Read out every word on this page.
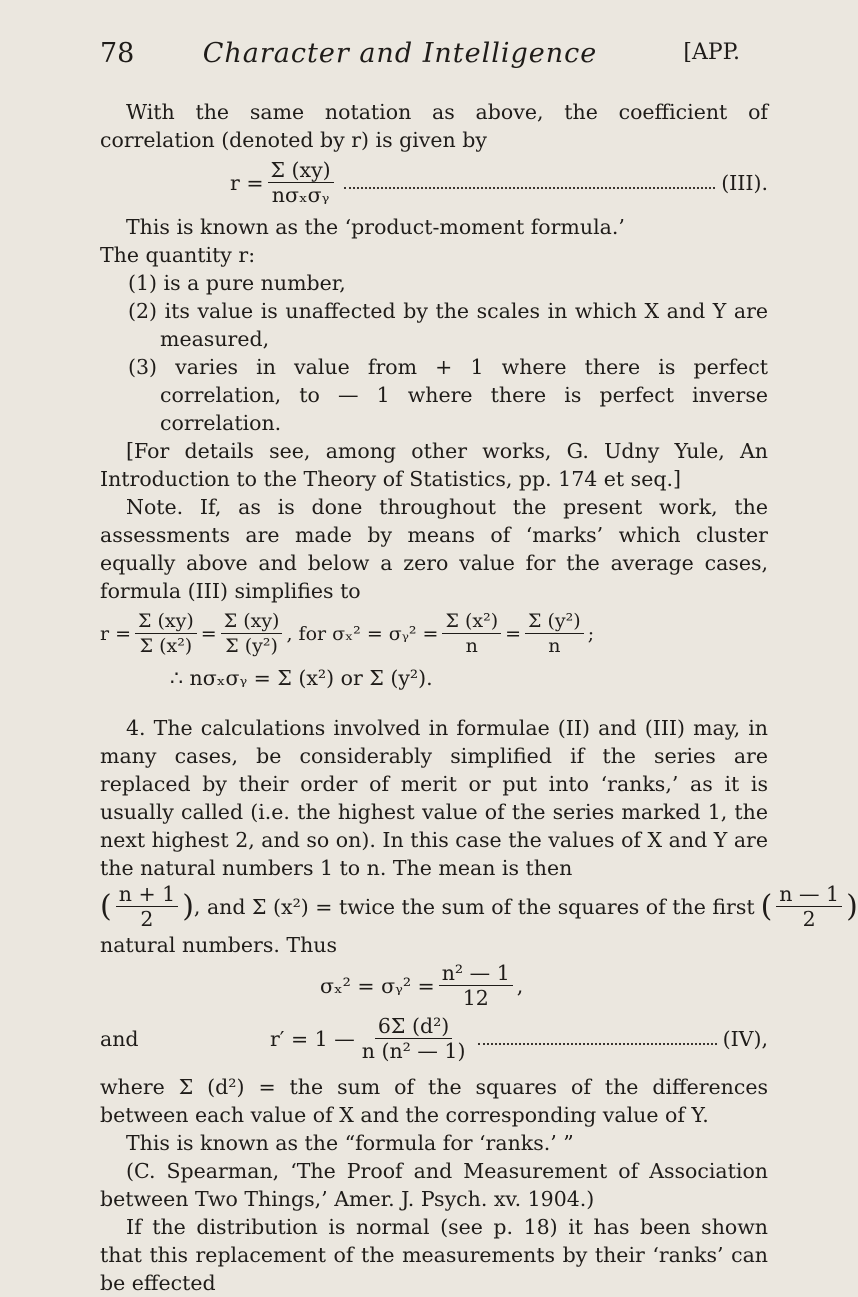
78	Character and Intelligence	[APP.

With the same notation as above, the coefficient of correlation (denoted by r) is given by

$r = \frac{\Sigma (xy)}{\text{nσₓσᵧ}}$	(III).

This is known as the ‘product-moment formula.’

The quantity r:

(1) is a pure number,

(2) its value is unaffected by the scales in which X and Y are measured,

(3) varies in value from + 1 where there is perfect correlation, to — 1 where there is perfect inverse correlation.

[For details see, among other works, G. Udny Yule, An Introduction to the Theory of Statistics, pp. 174 et seq.]

Note. If, as is done throughout the present work, the assessments are made by means of ‘marks’ which cluster equally above and below a zero value for the average cases, formula (III) simplifies to

$r = \frac{\Sigma (xy)}{\text{Σ (x²)}} = \frac{\Sigma (xy)}{\text{Σ (y²)}}$ , for σₓ² = σᵧ² = $\frac{\text{Σ (x²)}}{n} = \frac{\text{Σ (y²)}}{n}$ ;

∴ nσₓσᵧ = Σ (x²) or Σ (y²).

4. The calculations involved in formulae (II) and (III) may, in many cases, be considerably simplified if the series are replaced by their order of merit or put into ‘ranks,’ as it is usually called (i.e. the highest value of the series marked 1, the next highest 2, and so on). In this case the values of X and Y are the natural numbers 1 to n. The mean is then

( $\frac{n + 1}{2}$ ) , and Σ (x²) = twice the sum of the squares of the first ( $\frac{n — 1}{2}$ )

natural numbers. Thus

σₓ² = σᵧ² = $\frac{\text{n² — 1}}{12}$ ,
and	r′ = 1 — $\frac{\text{6Σ (d²)}}{\text{n (n² — 1)}}$	(IV),

where Σ (d²) = the sum of the squares of the differences between each value of X and the corresponding value of Y.

This is known as the “formula for ‘ranks.’ ”

(C. Spearman, ‘The Proof and Measurement of Association between Two Things,’ Amer. J. Psych. xv. 1904.)

If the distribution is normal (see p. 18) it has been shown that this replacement of the measurements by their ‘ranks’ can be effected
